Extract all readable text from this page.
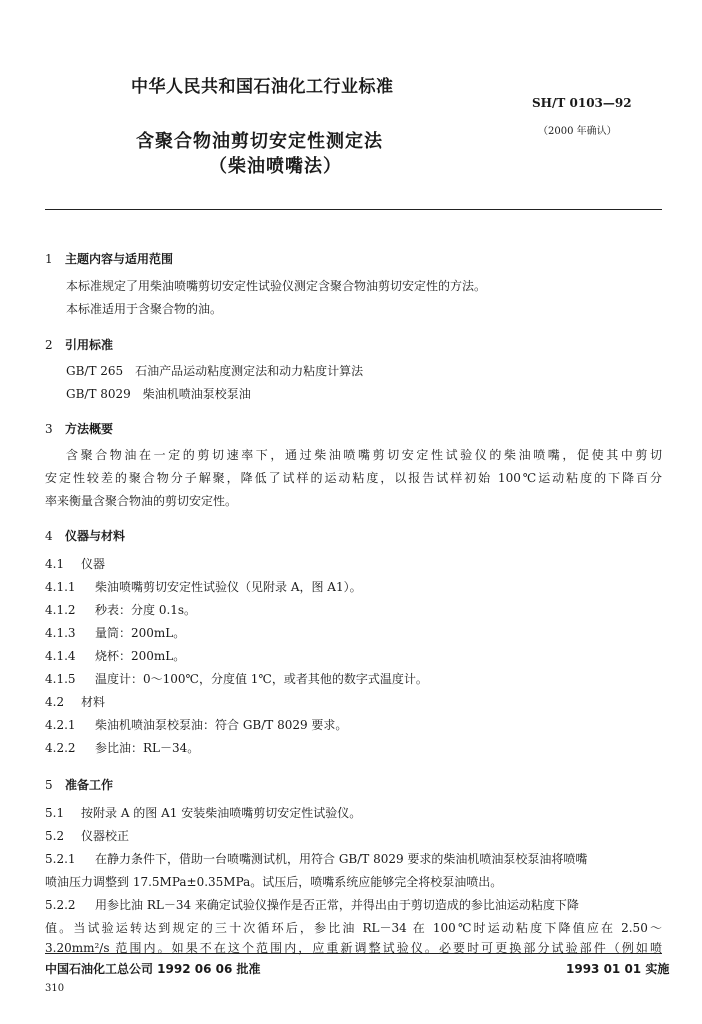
中华人民共和国石油化工行业标准
SH/T 0103—92
（2000 年确认）
含聚合物油剪切安定性测定法
（柴油喷嘴法）
1 主题内容与适用范围
本标准规定了用柴油喷嘴剪切安定性试验仪测定含聚合物油剪切安定性的方法。
本标准适用于含聚合物的油。
2 引用标准
GB/T 265　石油产品运动粘度测定法和动力粘度计算法
GB/T 8029　柴油机喷油泵校泵油
3 方法概要
含聚合物油在一定的剪切速率下，通过柴油喷嘴剪切安定性试验仪的柴油喷嘴，促使其中剪切
安定性较差的聚合物分子解聚，降低了试样的运动粘度，以报告试样初始 100℃运动粘度的下降百分
率来衡量含聚合物油的剪切安定性。
4 仪器与材料
4.1 仪器
4.1.1 柴油喷嘴剪切安定性试验仪（见附录 A，图 A1）。
4.1.2 秒表：分度 0.1s。
4.1.3 量筒：200mL。
4.1.4 烧杯：200mL。
4.1.5 温度计：0～100℃，分度值 1℃，或者其他的数字式温度计。
4.2 材料
4.2.1 柴油机喷油泵校泵油：符合 GB/T 8029 要求。
4.2.2 参比油：RL－34。
5 准备工作
5.1 按附录 A 的图 A1 安装柴油喷嘴剪切安定性试验仪。
5.2 仪器校正
5.2.1 在静力条件下，借助一台喷嘴测试机，用符合 GB/T 8029 要求的柴油机喷油泵校泵油将喷嘴
喷油压力调整到 17.5MPa±0.35MPa。试压后，喷嘴系统应能够完全将校泵油喷出。
5.2.2 用参比油 RL－34 来确定试验仪操作是否正常，并得出由于剪切造成的参比油运动粘度下降
值。当试验运转达到规定的三十次循环后，参比油 RL－34 在 100℃时运动粘度下降值应在 2.50～
3.20mm²/s 范围内。如果不在这个范围内，应重新调整试验仪。必要时可更换部分试验部件（例如喷
中国石油化工总公司 1992 06 06 批准	1993 01 01 实施
310
